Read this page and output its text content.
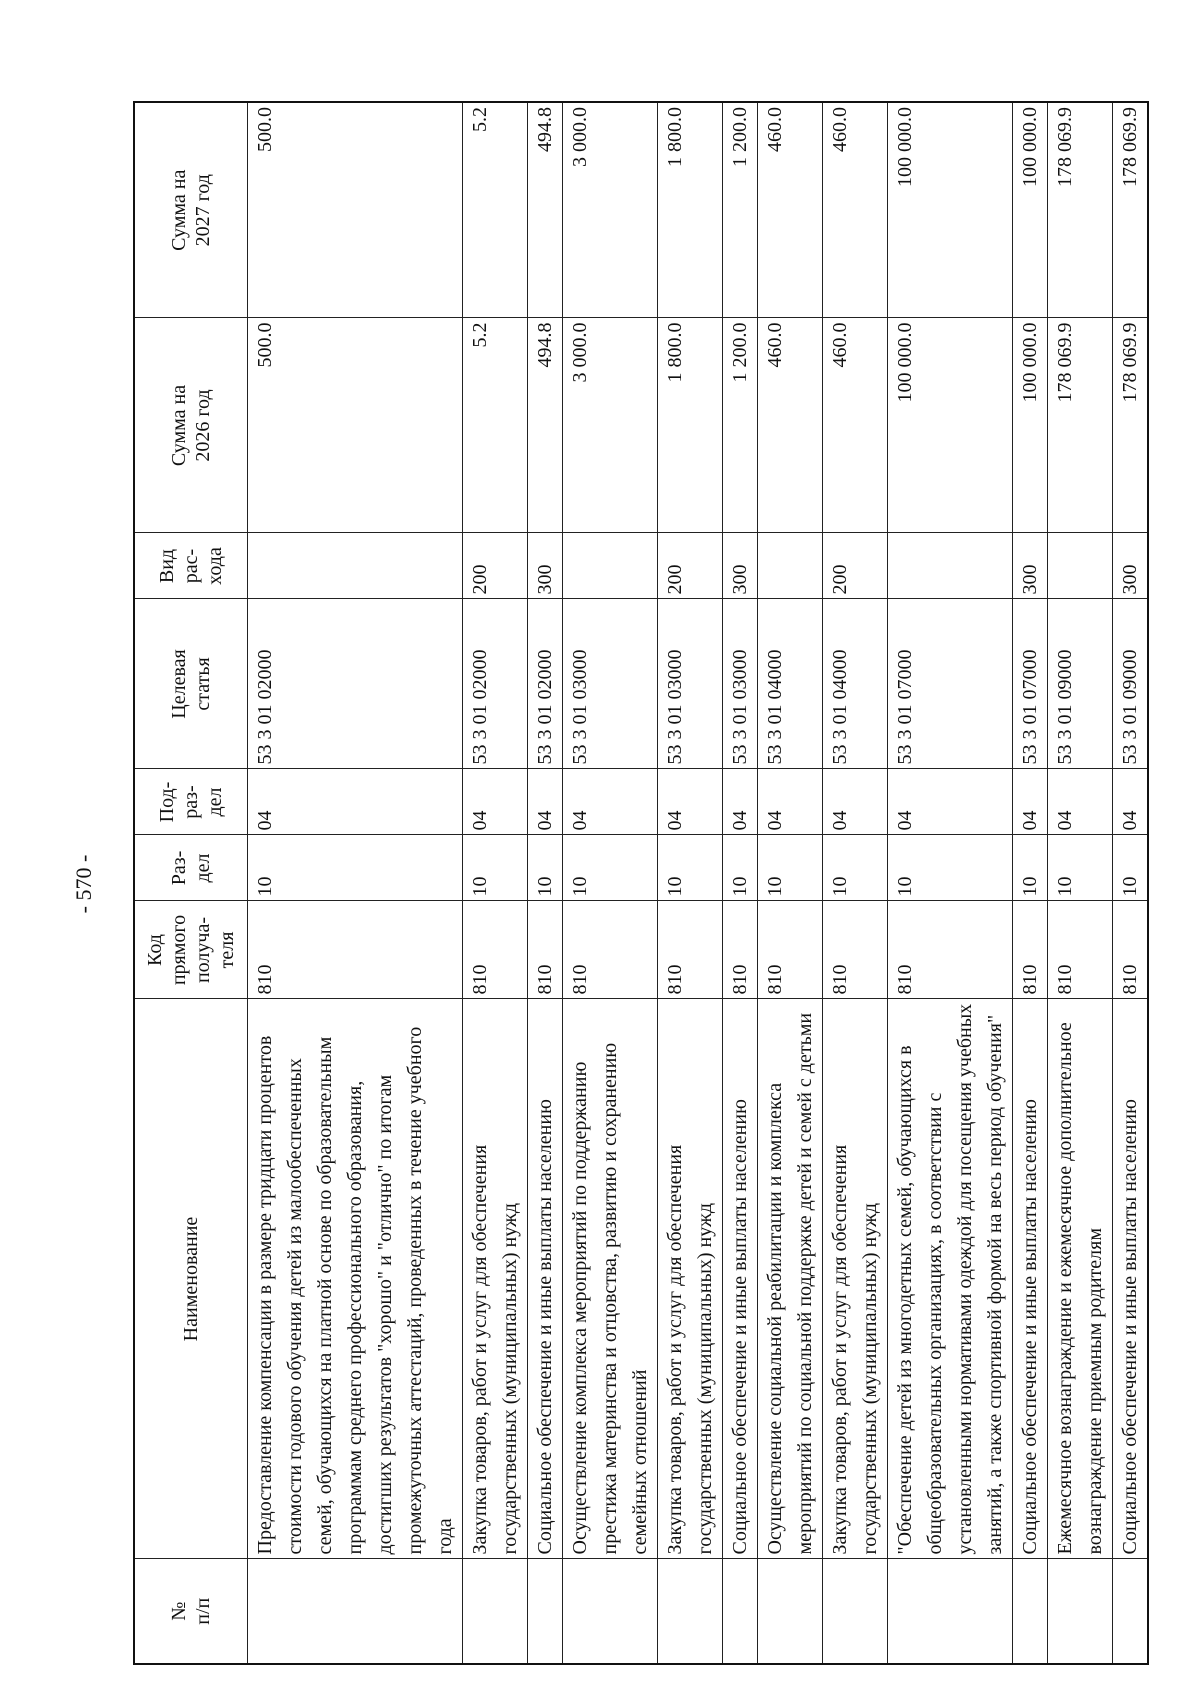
- 570 -
№ п/п	Наименование	Код прямого получа- теля	Раз- дел	Под- раз- дел	Целевая статья	Вид рас- хода	Сумма на 2026 год	Сумма на 2027 год

	Предоставление компенсации в размере тридцати процентов стоимости годового обучения детей из малообеспеченных семей, обучающихся на платной основе по образовательным программам среднего профессионального образования, достигших результатов "хорошо" и "отлично" по итогам промежуточных аттестаций, проведенных в течение учебного года	810	10	04	53 3 01 02000		500.0	500.0
	Закупка товаров, работ и услуг для обеспечения государственных (муниципальных) нужд	810	10	04	53 3 01 02000	200	5.2	5.2
	Социальное обеспечение и иные выплаты населению	810	10	04	53 3 01 02000	300	494.8	494.8
	Осуществление комплекса мероприятий по поддержанию престижа материнства и отцовства, развитию и сохранению семейных отношений	810	10	04	53 3 01 03000		3 000.0	3 000.0
	Закупка товаров, работ и услуг для обеспечения государственных (муниципальных) нужд	810	10	04	53 3 01 03000	200	1 800.0	1 800.0
	Социальное обеспечение и иные выплаты населению	810	10	04	53 3 01 03000	300	1 200.0	1 200.0
	Осуществление социальной реабилитации и комплекса мероприятий по социальной поддержке детей и семей с детьми	810	10	04	53 3 01 04000		460.0	460.0
	Закупка товаров, работ и услуг для обеспечения государственных (муниципальных) нужд	810	10	04	53 3 01 04000	200	460.0	460.0
	"Обеспечение детей из многодетных семей, обучающихся в общеобразовательных организациях, в соответствии с установленными нормативами одеждой для посещения учебных занятий, а также спортивной формой на весь период обучения"	810	10	04	53 3 01 07000		100 000.0	100 000.0
	Социальное обеспечение и иные выплаты населению	810	10	04	53 3 01 07000	300	100 000.0	100 000.0
	Ежемесячное вознаграждение и ежемесячное дополнительное вознаграждение приемным родителям	810	10	04	53 3 01 09000		178 069.9	178 069.9
	Социальное обеспечение и иные выплаты населению	810	10	04	53 3 01 09000	300	178 069.9	178 069.9
